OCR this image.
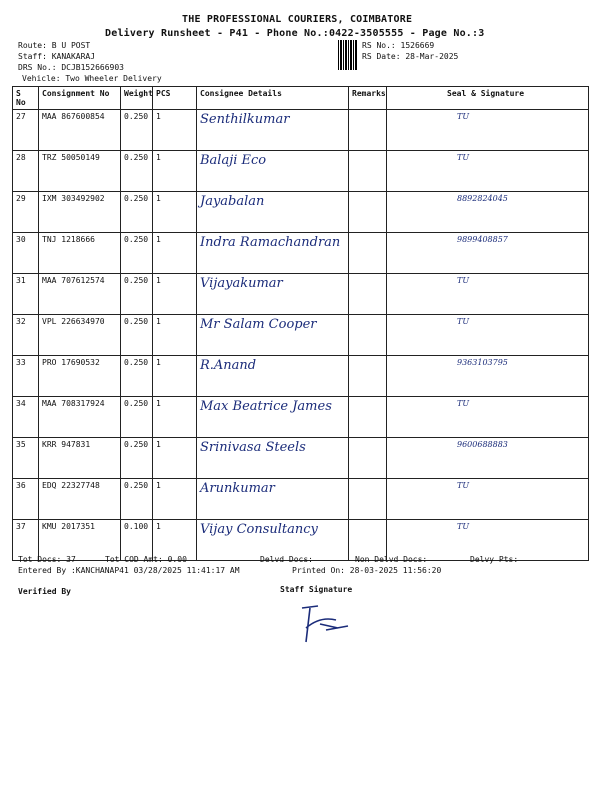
THE PROFESSIONAL COURIERS, COIMBATORE
Delivery Runsheet - P41 - Phone No.:0422-3505555 - Page No.:3
Route: B U POST
Staff: KANAKARAJ
DRS No.: DCJB152666903
Vehicle: Two Wheeler Delivery
RS No.: 1526669
RS Date: 28-Mar-2025
S No	Consignment No	Weight	PCS	Consignee Details	Remarks	Seal & Signature
27	MAA 867600854	0.250	1	Senthilkumar		TU
28	TRZ 50050149	0.250	1	Balaji Eco		TU
29	IXM 303492902	0.250	1	Jayabalan		8892824045
30	TNJ 1218666	0.250	1	Indra Ramachandran		9899408857
31	MAA 707612574	0.250	1	Vijayakumar		TU
32	VPL 226634970	0.250	1	Mr Salam Cooper		TU
33	PRO 17690532	0.250	1	R.Anand		9363103795
34	MAA 708317924	0.250	1	Max Beatrice James		TU
35	KRR 947831	0.250	1	Srinivasa Steels		9600688883
36	EDQ 22327748	0.250	1	Arunkumar		TU
37	KMU 2017351	0.100	1	Vijay Consultancy		TU
Tot Docs: 37	Tot COD Amt: 0.00	Delvd Docs:	Non Delvd Docs:	Delvy Pts:
Entered By :KANCHANAP41 03/28/2025 11:41:17 AM	Printed On: 28-03-2025 11:56:20
Verified By	Staff Signature
